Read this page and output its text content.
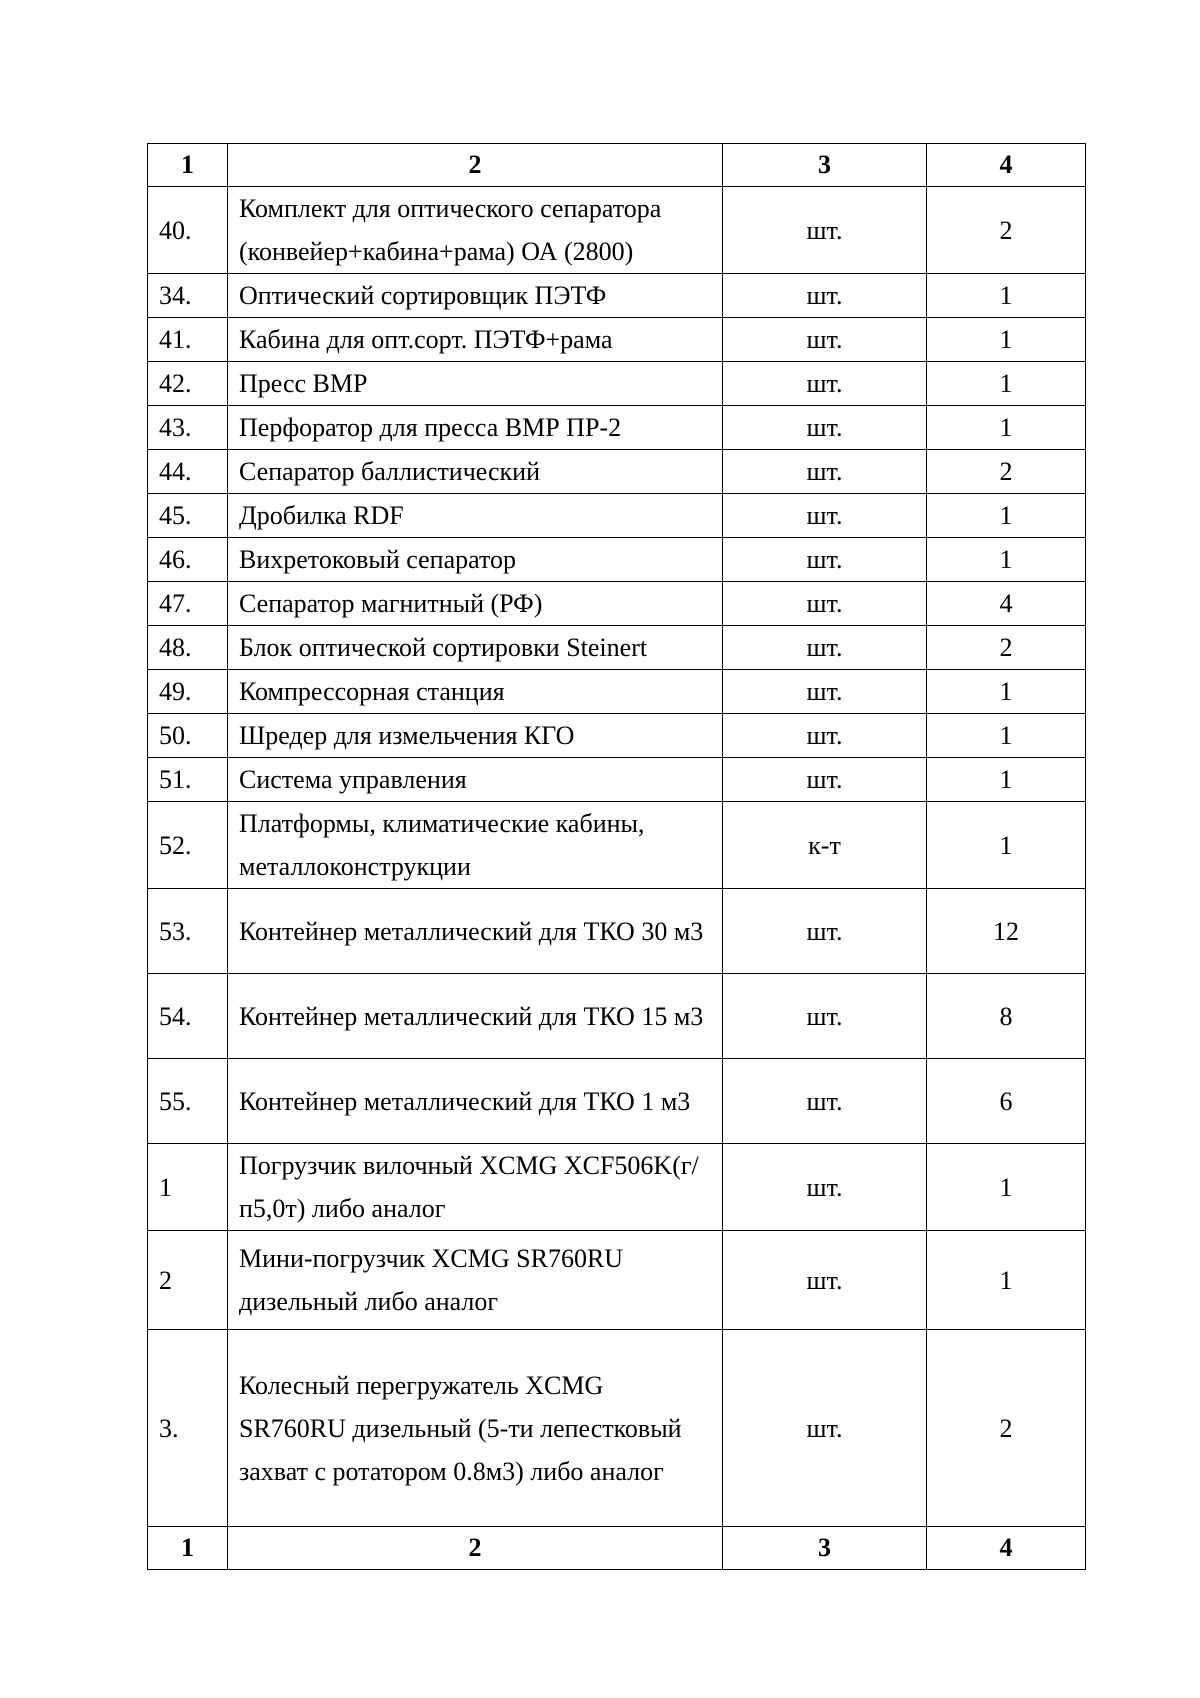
1	2	3	4
40.	Комплект для оптического сепаратора (конвейер+кабина+рама) ОА (2800)	шт.	2
34.	Оптический сортировщик ПЭТФ	шт.	1
41.	Кабина для опт.сорт. ПЭТФ+рама	шт.	1
42.	Пресс ВМР	шт.	1
43.	Перфоратор для пресса ВМР ПР-2	шт.	1
44.	Сепаратор баллистический	шт.	2
45.	Дробилка RDF	шт.	1
46.	Вихретоковый сепаратор	шт.	1
47.	Сепаратор магнитный (РФ)	шт.	4
48.	Блок оптической сортировки Steinert	шт.	2
49.	Компрессорная станция	шт.	1
50.	Шредер для измельчения КГО	шт.	1
51.	Система управления	шт.	1
52.	Платформы, климатические кабины, металлоконструкции	к-т	1
53.	Контейнер металлический для ТКО 30 м3	шт.	12
54.	Контейнер металлический для ТКО 15 м3	шт.	8
55.	Контейнер металлический для ТКО 1 м3	шт.	6
1	Погрузчик вилочный XCMG XCF506K(г/п5,0т) либо аналог	шт.	1
2	Мини-погрузчик XCMG SR760RU дизельный либо аналог	шт.	1
3.	Колесный перегружатель XCMG SR760RU дизельный (5-ти лепестковый захват с ротатором 0.8м3) либо аналог	шт.	2
1	2	3	4
